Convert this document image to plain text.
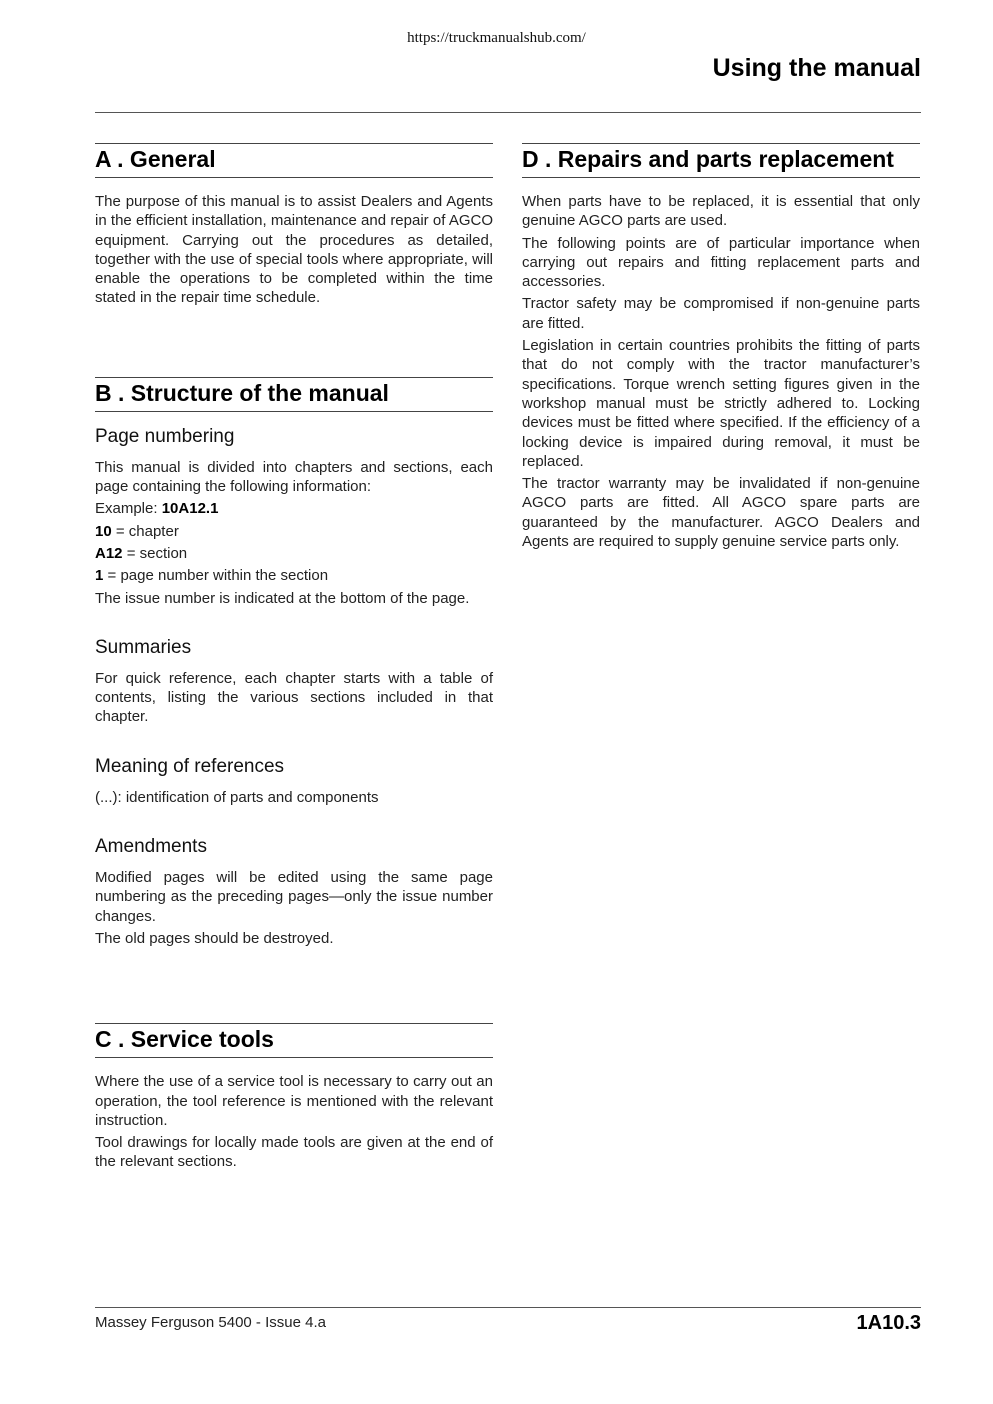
https://truckmanualshub.com/
Using the manual
A . General

The purpose of this manual is to assist Dealers and Agents in the efficient installation, maintenance and repair of AGCO equipment. Carrying out the procedures as detailed, together with the use of special tools where appropriate, will enable the operations to be completed within the time stated in the repair time schedule.

B . Structure of the manual
Page numbering

This manual is divided into chapters and sections, each page containing the following information:

Example: 10A12.1

10 = chapter

A12 = section

1 = page number within the section

The issue number is indicated at the bottom of the page.

Summaries

For quick reference, each chapter starts with a table of contents, listing the various sections included in that chapter.

Meaning of references

(...): identification of parts and components

Amendments

Modified pages will be edited using the same page numbering as the preceding pages—only the issue number changes.

The old pages should be destroyed.

C . Service tools

Where the use of a service tool is necessary to carry out an operation, the tool reference is mentioned with the relevant instruction.

Tool drawings for locally made tools are given at the end of the relevant sections.

D . Repairs and parts replacement

When parts have to be replaced, it is essential that only genuine AGCO parts are used.

The following points are of particular importance when carrying out repairs and fitting replacement parts and accessories.

Tractor safety may be compromised if non-genuine parts are fitted.

Legislation in certain countries prohibits the fitting of parts that do not comply with the tractor manufacturer’s specifications. Torque wrench setting figures given in the workshop manual must be strictly adhered to. Locking devices must be fitted where specified. If the efficiency of a locking device is impaired during removal, it must be replaced.

The tractor warranty may be invalidated if non-genuine AGCO parts are fitted. All AGCO spare parts are guaranteed by the manufacturer. AGCO Dealers and Agents are required to supply genuine service parts only.

Massey Ferguson 5400 - Issue 4.a	1A10.3
